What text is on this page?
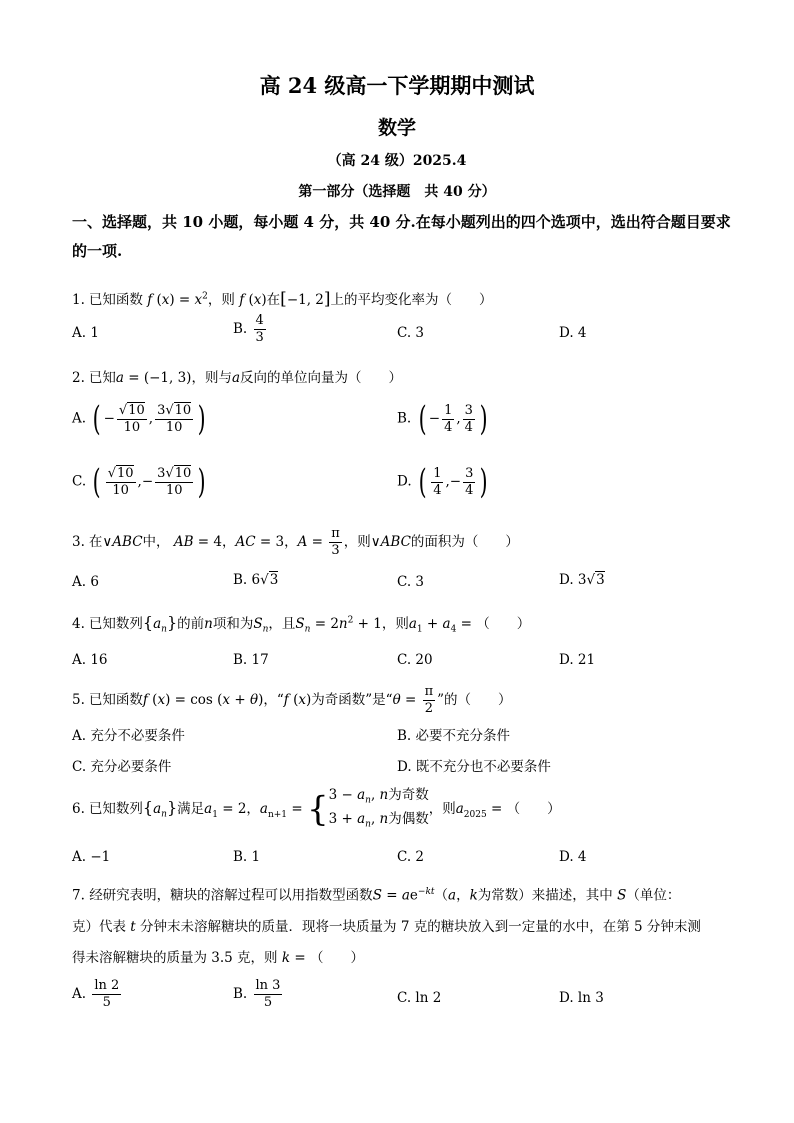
高 24 级高一下学期期中测试
数学
（高 24 级）2025.4
第一部分（选择题　共 40 分）
一、选择题，共 10 小题，每小题 4 分，共 40 分.在每小题列出的四个选项中，选出符合题目要求的一项.
1. 已知函数 f $(x) = x^2$，则 f (x)在[−1, 2]上的平均变化率为（　　）
A. 1	B. $\frac{4}{3}$	C. 3	D. 4
2. 已知a = (−1, 3)，则与a反向的单位向量为（　　）
A. ( − $\frac{√10}{10}$ , $\frac{3√10}{10}$ )	B. ( − $\frac{1}{4}$ , $\frac{3}{4}$ )
C. ( $\frac{√10}{10}$ ,− $\frac{3√10}{10}$ )	D. ( $\frac{1}{4}$ ,− $\frac{3}{4}$ )
3. 在∨ABC中， AB = 4，AC = 3，$A = \frac{\pi}{3}$ ，则∨ABC的面积为（　　）
A. 6	B. 6√3	C. 3	D. 3√3
4. 已知数列$\{a_n\}$的前n项和为$S_n$，且$S_n = 2n^2 + 1$，则$a_1 + a_4$ = （　　）
A. 16	B. 17	C. 20	D. 21
5. 已知函数f (x) = cos (x + θ)，“f (x)为奇函数”是“$\theta = \frac{\pi}{2}$ ”的（　　）
A. 充分不必要条件	B. 必要不充分条件
C. 充分必要条件	D. 既不充分也不必要条件
6. 已知数列$\{a_n\}$满足$a_1 = 2$，$a_{n+1} = \{3 - a_n$, n为奇数
$3 + a_n$, n为偶数，则$a_{2025}$ = （　　）
A. −1	B. 1	C. 2	D. 4
7. 经研究表明，糖块的溶解过程可以用指数型函数$S = ae^{-kt}(a$，k为常数）来描述，其中 S（单位：
克）代表 t 分钟末未溶解糖块的质量．现将一块质量为 7 克的糖块放入到一定量的水中，在第 5 分钟末测
得未溶解糖块的质量为 3.5 克，则 k = （　　）
A. $\frac{\ln 2}{5}$	B. $\frac{\ln 3}{5}$	C. ln 2	D. ln 3
